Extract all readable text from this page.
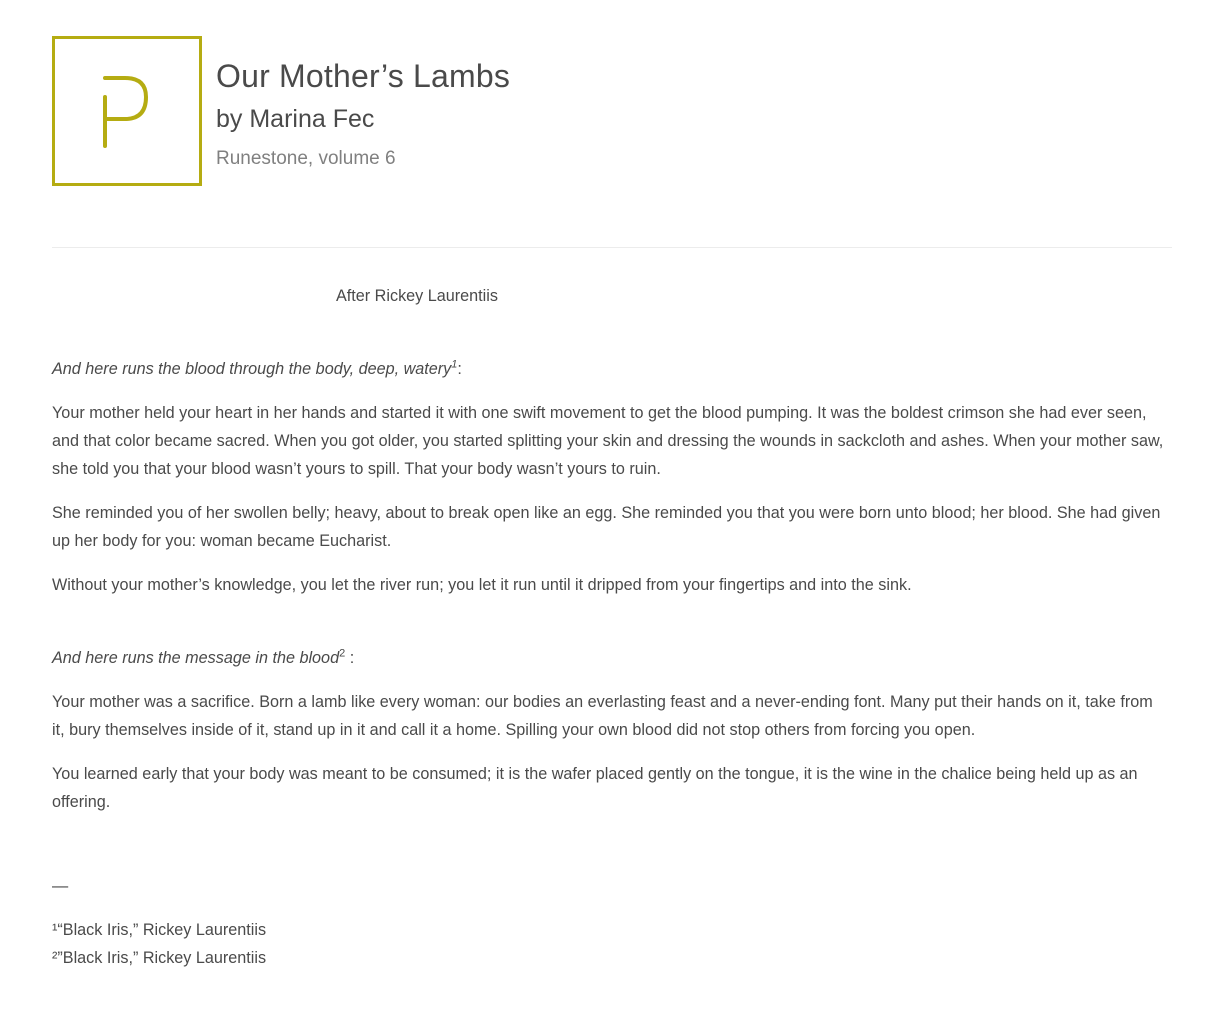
Our Mother’s Lambs
by Marina Fec
Runestone, volume 6

After Rickey Laurentiis

And here runs the blood through the body, deep, watery$^1$:

Your mother held your heart in her hands and started it with one swift movement to get the blood pumping. It was the boldest crimson she had ever seen, and that color became sacred. When you got older, you started splitting your skin and dressing the wounds in sackcloth and ashes. When your mother saw, she told you that your blood wasn’t yours to spill. That your body wasn’t yours to ruin.

She reminded you of her swollen belly; heavy, about to break open like an egg. She reminded you that you were born unto blood; her blood. She had given up her body for you: woman became Eucharist.

Without your mother’s knowledge, you let the river run; you let it run until it dripped from your fingertips and into the sink.

And here runs the message in the blood$^2$ :

Your mother was a sacrifice. Born a lamb like every woman: our bodies an everlasting feast and a never-ending font. Many put their hands on it, take from it, bury themselves inside of it, stand up in it and call it a home. Spilling your own blood did not stop others from forcing you open.

You learned early that your body was meant to be consumed; it is the wafer placed gently on the tongue, it is the wine in the chalice being held up as an offering.

—

¹“Black Iris,” Rickey Laurentiis

²”Black Iris,” Rickey Laurentiis
